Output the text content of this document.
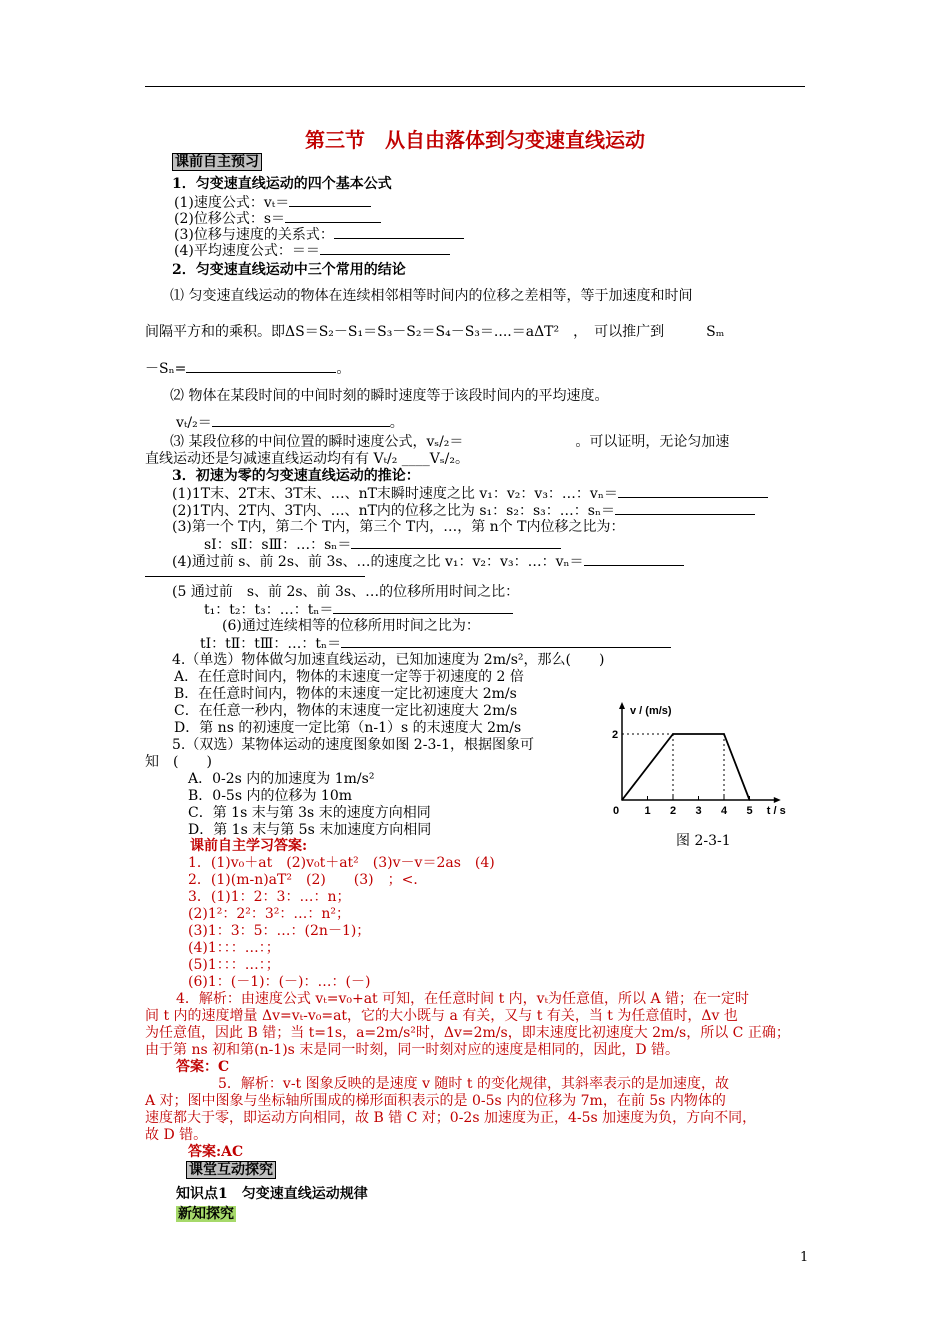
第三节　从自由落体到匀变速直线运动
课前自主预习
1．匀变速直线运动的四个基本公式
(1)速度公式：vₜ＝
(2)位移公式：s＝
(3)位移与速度的关系式：
(4)平均速度公式：＝＝
2．匀变速直线运动中三个常用的结论
⑴ 匀变速直线运动的物体在连续相邻相等时间内的位移之差相等，等于加速度和时间
间隔平方和的乘积。即ΔS＝S₂－S₁＝S₃－S₂＝S₄－S₃＝....＝aΔT²　，　可以推广到　　　Sₘ
－Sₙ=	。
⑵ 物体在某段时间的中间时刻的瞬时速度等于该段时间内的平均速度。
vₜ/₂＝	。
⑶ 某段位移的中间位置的瞬时速度公式，vₛ/₂＝　　　　　　　　。可以证明，无论匀加速
直线运动还是匀减速直线运动均有有 Vₜ/₂ ____Vₛ/₂。
3．初速为零的匀变速直线运动的推论：
(1)1T末、2T末、3T末、…、nT末瞬时速度之比 v₁：v₂：v₃：…：vₙ＝
(2)1T内、2T内、3T内、…、nT内的位移之比为 s₁：s₂：s₃：…：sₙ＝
(3)第一个 T内，第二个 T内，第三个 T内，…，第 n个 T内位移之比为：
sⅠ：sⅡ：sⅢ：…：sₙ＝
(4)通过前 s、前 2s、前 3s、…的速度之比 v₁：v₂：v₃：…：vₙ＝
(5 通过前　s、前 2s、前 3s、…的位移所用时间之比：
t₁：t₂：t₃：…：tₙ＝
(6)通过连续相等的位移所用时间之比为：
tⅠ：tⅡ：tⅢ：…：tₙ＝
4.（单选）物体做匀加速直线运动，已知加速度为 2m/s²，那么(　　)
A．在任意时间内，物体的末速度一定等于初速度的 2 倍
B．在任意时间内，物体的末速度一定比初速度大 2m/s
C．在任意一秒内，物体的末速度一定比初速度大 2m/s
D．第 ns 的初速度一定比第（n-1）s 的末速度大 2m/s
5.（双选）某物体运动的速度图象如图 2-3-1，根据图象可
知　(　　)
A．0-2s 内的加速度为 1m/s²
B．0-5s 内的位移为 10m
C．第 1s 末与第 3s 末的速度方向相同
D．第 1s 末与第 5s 末加速度方向相同
v / (m/s)
t / s
0 1 2 3 4 5
2
图 2-3-1
课前自主学习答案:
1．(1)v₀＋at　(2)v₀t＋at²　(3)v－v＝2as　(4)
2．(1)(m-n)aT²　(2)　　(3)　；<．
3．(1)1：2：3：…：n；
(2)1²：2²：3²：…：n²；
(3)1：3：5：…：(2n－1)；
(4)1：：：…：；
(5)1：：：…：；
(6)1：(－1)：(－)：…：(－)
4．解析：由速度公式 vₜ=v₀+at 可知，在任意时间 t 内，vₜ为任意值，所以 A 错；在一定时
间 t 内的速度增量 Δv=vₜ-v₀=at，它的大小既与 a 有关，又与 t 有关，当 t 为任意值时，Δv 也
为任意值，因此 B 错；当 t=1s，a=2m/s²时，Δv=2m/s，即末速度比初速度大 2m/s，所以 C 正确；
由于第 ns 初和第(n-1)s 末是同一时刻，同一时刻对应的速度是相同的，因此，D 错。
答案：C
5．解析：v-t 图象反映的是速度 v 随时 t 的变化规律，其斜率表示的是加速度，故
A 对；图中图象与坐标轴所围成的梯形面积表示的是 0-5s 内的位移为 7m，在前 5s 内物体的
速度都大于零，即运动方向相同，故 B 错 C 对；0-2s 加速度为正，4-5s 加速度为负，方向不同，
故 D 错。
答案:AC
课堂互动探究
知识点1　匀变速直线运动规律
新知探究
1
